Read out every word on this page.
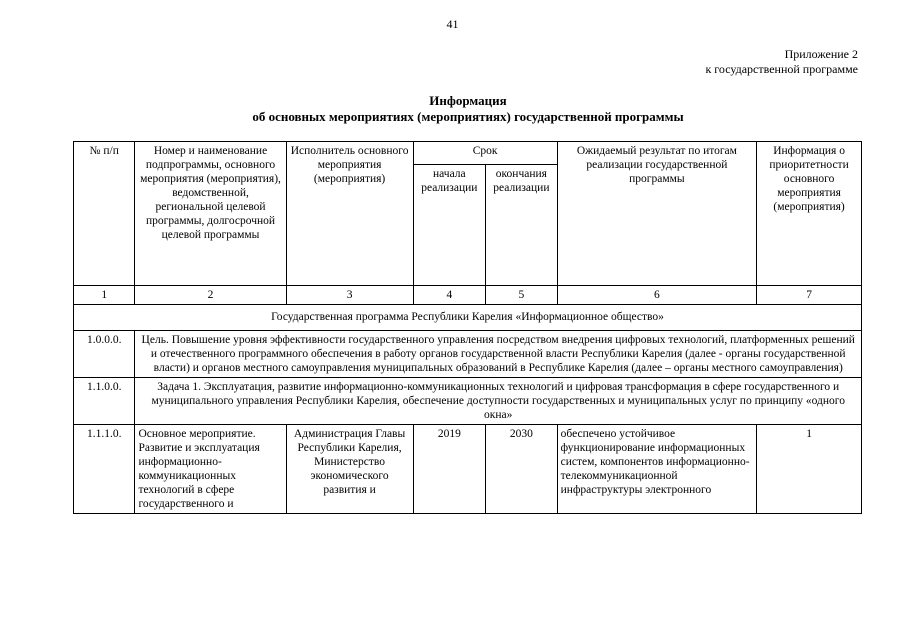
41
Приложение 2
к государственной программе
Информация
об основных мероприятиях (мероприятиях) государственной программы
№ п/п	Номер и наименование подпрограммы, основного мероприятия (мероприятия), ведомственной, региональной целевой программы, долгосрочной целевой программы	Исполнитель основного мероприятия (мероприятия)	Срок		Ожидаемый результат по итогам реализации государственной программы	Информация о приоритетности основного мероприятия (мероприятия)
			начала реализации	окончания реализации		
1	2	3	4	5	6	7
Государственная программа Республики Карелия «Информационное общество»						
1.0.0.0.	Цель. Повышение уровня эффективности государственного управления посредством внедрения цифровых технологий, платформенных решений и отечественного программного обеспечения в работу органов государственной власти Республики Карелия (далее - органы государственной власти) и органов местного самоуправления муниципальных образований в Республике Карелия (далее – органы местного самоуправления)					
1.1.0.0.	Задача 1. Эксплуатация, развитие информационно-коммуникационных технологий и цифровая трансформация в сфере государственного и муниципального управления Республики Карелия, обеспечение доступности государственных и муниципальных услуг по принципу «одного окна»					
1.1.1.0.	Основное мероприятие. Развитие и эксплуатация информационно-коммуникационных технологий в сфере государственного и	Администрация Главы Республики Карелия, Министерство экономического развития и	2019	2030	обеспечено устойчивое функционирование информационных систем, компонентов информационно-телекоммуникационной инфраструктуры электронного	1
